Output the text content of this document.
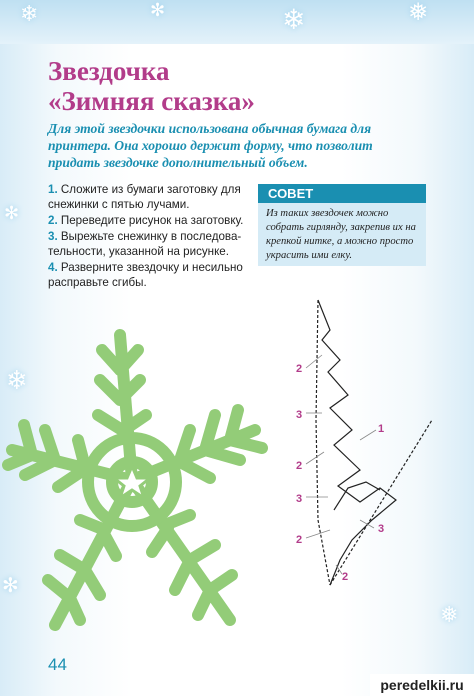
❄	✻	❄	❅
✻
❄
❅
✻
Звездочка
«Зимняя сказка»

Для этой звездочки использована обычная бумага для принтера. Она хорошо держит форму, что позволит придать звездочке дополнительный объем.

1. Сложите из бумаги заготовку для снежинки с пятью лучами.
2. Переведите рисунок на заготовку.
3. Вырежьте снежинку в последовательности, указанной на рисунке.
4. Разверните звездочку и несильно расправьте сгибы.
СОВЕТ
Из таких звездочек можно собрать гирлянду, закрепив их на крепкой нитке, а можно просто украсить ими елку.
2
3
2
3
2
1
3
2
44
peredelkii.ru
